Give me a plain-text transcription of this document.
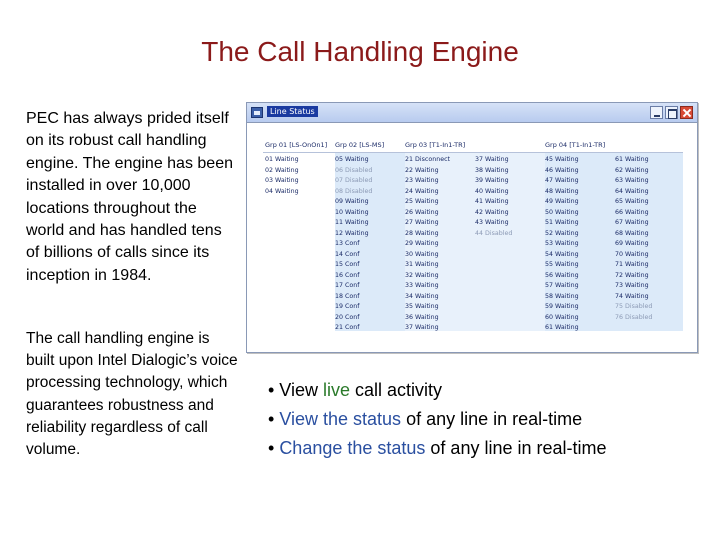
The Call Handling Engine
PEC has always prided itself on its robust call handling engine. The engine has been installed in over 10,000 locations throughout the world and has handled tens of billions of calls since its inception in 1984.
The call handling engine is built upon Intel Dialogic’s voice processing technology, which guarantees robustness and reliability regardless of call volume.
Line Status
Grp 01 [LS-OnOn1] Grp 02 [LS-MS]	Grp 03 [T1-In1-TR]	Grp 04 [T1-In1-TR]
01 Waiting
02 Waiting
03 Waiting
04 Waiting
05 Waiting
06 Disabled
07 Disabled
08 Disabled
09 Waiting
10 Waiting
11 Waiting
12 Waiting
13 Conf
14 Conf
15 Conf
16 Conf
17 Conf
18 Conf
19 Conf
20 Conf
21 Conf
21 Disconnect
22 Waiting
23 Waiting
24 Waiting
25 Waiting
26 Waiting
27 Waiting
28 Waiting
29 Waiting
30 Waiting
31 Waiting
32 Waiting
33 Waiting
34 Waiting
35 Waiting
36 Waiting
37 Waiting
37 Waiting
38 Waiting
39 Waiting
40 Waiting
41 Waiting
42 Waiting
43 Waiting
44 Disabled
45 Waiting
46 Waiting
47 Waiting
48 Waiting
49 Waiting
50 Waiting
51 Waiting
52 Waiting
53 Waiting
54 Waiting
55 Waiting
56 Waiting
57 Waiting
58 Waiting
59 Waiting
60 Waiting
61 Waiting
61 Waiting
62 Waiting
63 Waiting
64 Waiting
65 Waiting
66 Waiting
67 Waiting
68 Waiting
69 Waiting
70 Waiting
71 Waiting
72 Waiting
73 Waiting
74 Waiting
75 Disabled
76 Disabled
• View live call activity
• View the status of any line in real-time
• Change the status of any line in real-time
